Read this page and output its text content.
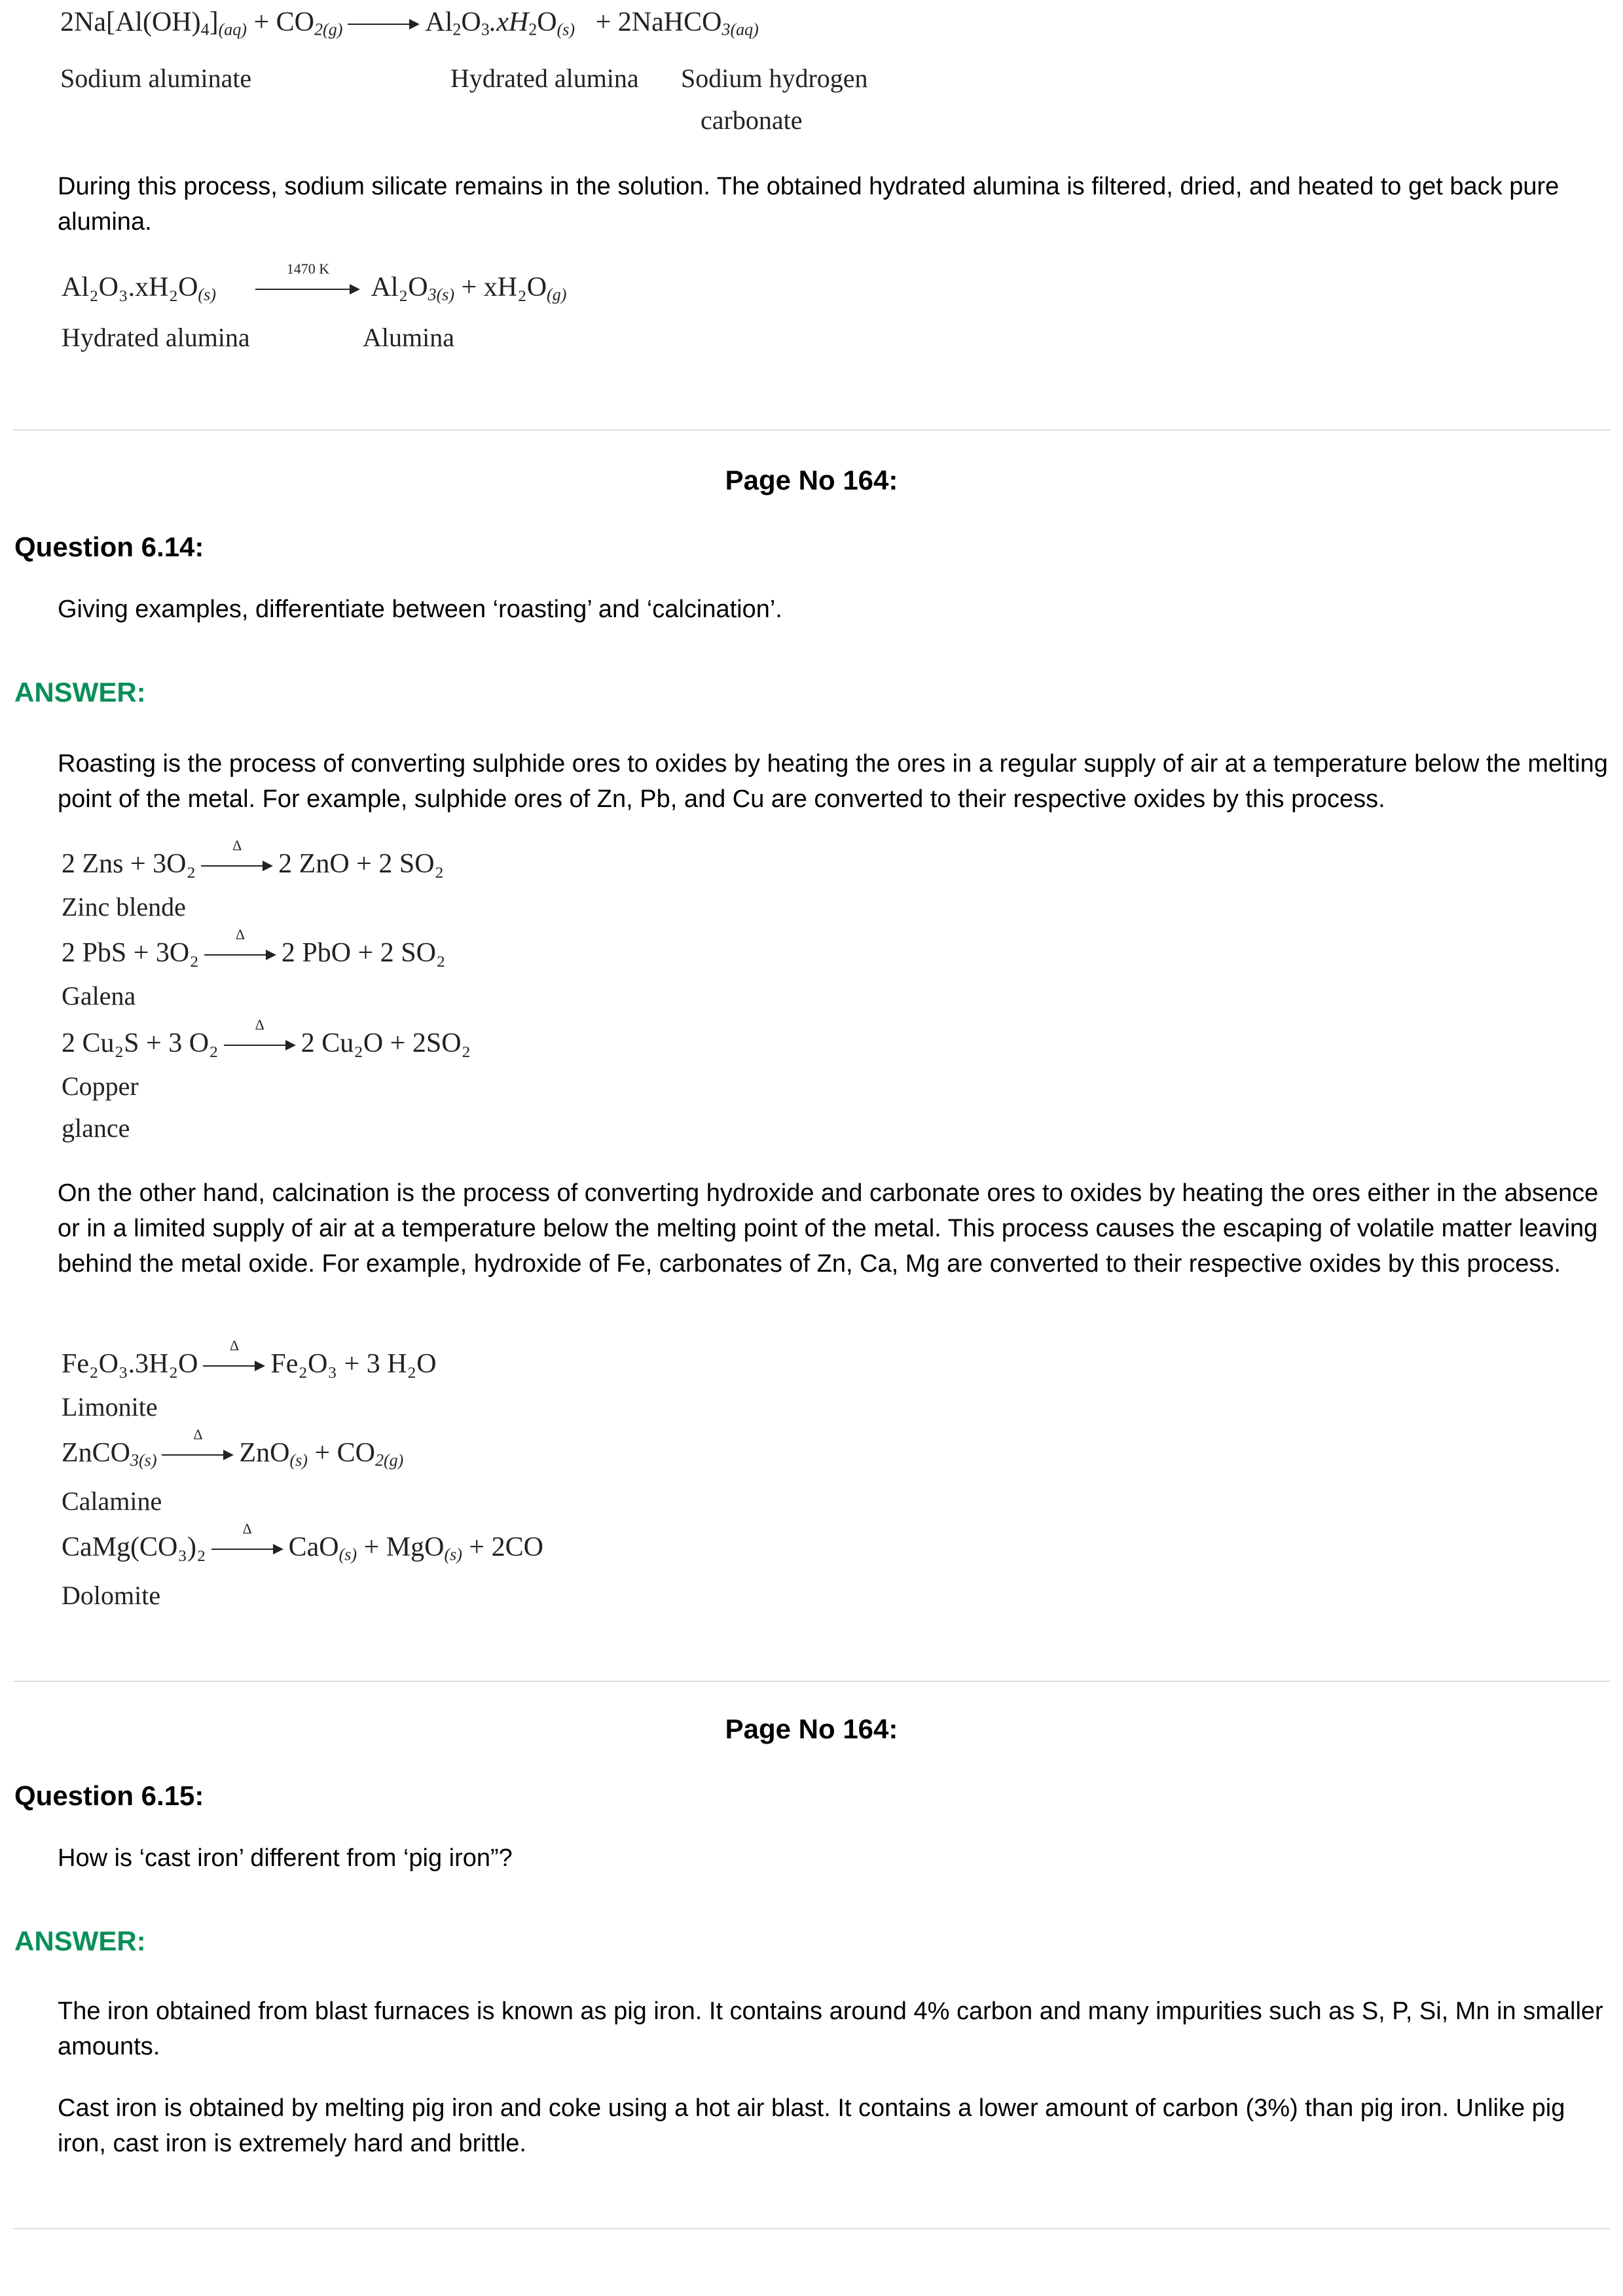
$2Na[Al(OH)_4]_{(aq)} + CO_{2(g)}$	$Al_2O_3.xH_2O_{(s)}$ + 2NaHCO$_{3(aq)}$
Sodium aluminate	Hydrated alumina Sodium hydrogen
carbonate
During this process, sodium silicate remains in the solution. The obtained hydrated alumina is filtered, dried, and heated to get back pure alumina.
$Al_2O_3.xH_2O_{(s)}$
1470 K
$Al_2O_{3(s)} + xH_2O_{(g)}$
Hydrated alumina	Alumina
Page No 164:
Question 6.14:
Giving examples, differentiate between ‘roasting’ and ‘calcination’.
ANSWER:
Roasting is the process of converting sulphide ores to oxides by heating the ores in a regular supply of air at a temperature below the melting point of the metal. For example, sulphide ores of Zn, Pb, and Cu are converted to their respective oxides by this process.
2 Zns + 3O₂
Δ
2 ZnO + 2 SO₂
Zinc blende
2 PbS + 3O₂
Δ
2 PbO + 2 SO₂
Galena
2 Cu₂S + 3 O₂
Δ
2 Cu₂O + 2SO₂
Copper
glance
On the other hand, calcination is the process of converting hydroxide and carbonate ores to oxides by heating the ores either in the absence or in a limited supply of air at a temperature below the melting point of the metal. This process causes the escaping of volatile matter leaving behind the metal oxide. For example, hydroxide of Fe, carbonates of Zn, Ca, Mg are converted to their respective oxides by this process.
Fe₂O₃.3H₂O
Δ
Fe₂O₃ + 3 H₂O
Limonite
ZnCO$_{3(s)}$
Δ
$ZnO_{(s)} + CO_{2(g)}$
Calamine
CaMg(CO₃)₂
Δ
CaO$_{(s)}$ + MgO$_{(s)}$ + 2CO
Dolomite
Page No 164:
Question 6.15:
How is ‘cast iron’ different from ‘pig iron”?
ANSWER:
The iron obtained from blast furnaces is known as pig iron. It contains around 4% carbon and many impurities such as S, P, Si, Mn in smaller amounts.
Cast iron is obtained by melting pig iron and coke using a hot air blast. It contains a lower amount of carbon (3%) than pig iron. Unlike pig iron, cast iron is extremely hard and brittle.
